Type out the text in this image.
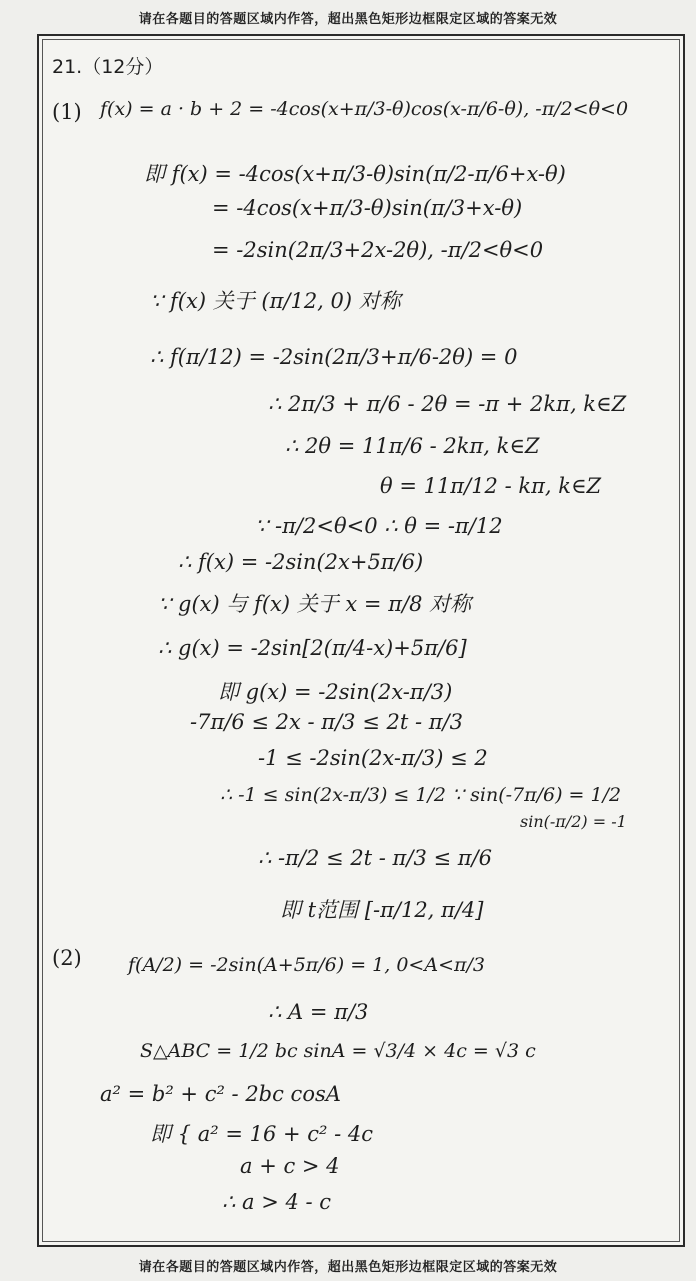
请在各题目的答题区域内作答，超出黑色矩形边框限定区域的答案无效
21.（12分）
(1) f(x) = a · b + 2 = -4cos(x+π/3-θ)cos(x-π/6-θ), -π/2<θ<0
即 f(x) = -4cos(x+π/3-θ)sin(π/2-π/6+x-θ)
= -4cos(x+π/3-θ)sin(π/3+x-θ)
= -2sin(2π/3+2x-2θ), -π/2<θ<0
∵ f(x) 关于 (π/12, 0) 对称
∴ f(π/12) = -2sin(2π/3+π/6-2θ) = 0
∴ 2π/3 + π/6 - 2θ = -π + 2kπ, k∈Z
∴ 2θ = 11π/6 - 2kπ, k∈Z
θ = 11π/12 - kπ, k∈Z
∵ -π/2<θ<0 ∴ θ = -π/12
∴ f(x) = -2sin(2x+5π/6)
∵ g(x) 与 f(x) 关于 x = π/8 对称
∴ g(x) = -2sin[2(π/4-x)+5π/6]
即 g(x) = -2sin(2x-π/3)
-7π/6 ≤ 2x - π/3 ≤ 2t - π/3
-1 ≤ -2sin(2x-π/3) ≤ 2
∴ -1 ≤ sin(2x-π/3) ≤ 1/2 ∵ sin(-7π/6) = 1/2
sin(-π/2) = -1
∴ -π/2 ≤ 2t - π/3 ≤ π/6
即 t范围 [-π/12, π/4]
(2) f(A/2) = -2sin(A+5π/6) = 1, 0<A<π/3
∴ A = π/3
S△ABC = 1/2 bc sinA = √3/4 × 4c = √3 c
a² = b² + c² - 2bc cosA
即 { a² = 16 + c² - 4c
a + c > 4
∴ a > 4 - c
请在各题目的答题区域内作答，超出黑色矩形边框限定区域的答案无效
